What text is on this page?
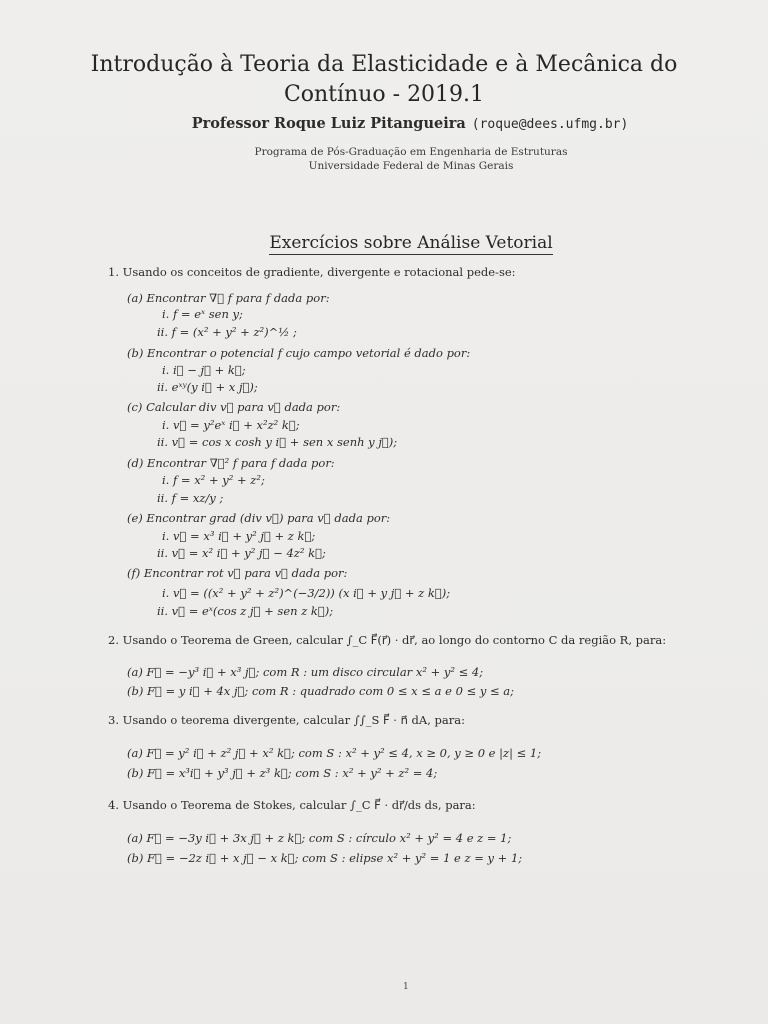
Introdução à Teoria da Elasticidade e à Mecânica do
Contínuo - 2019.1
Professor Roque Luiz Pitangueira (roque@dees.ufmg.br)
Programa de Pós-Graduação em Engenharia de Estruturas
Universidade Federal de Minas Gerais
Exercícios sobre Análise Vetorial
1. Usando os conceitos de gradiente, divergente e rotacional pede-se:
(a) Encontrar ∇⃗ f para f dada por:
i. f = eˣ sen y;
ii. f = (x² + y² + z²)^½ ;
(b) Encontrar o potencial f cujo campo vetorial é dado por:
i. i⃗ − j⃗ + k⃗;
ii. eˣʸ(y i⃗ + x j⃗);
(c) Calcular div v⃗ para v⃗ dada por:
i. v⃗ = y²eˣ i⃗ + x²z² k⃗;
ii. v⃗ = cos x cosh y i⃗ + sen x senh y j⃗);
(d) Encontrar ∇⃗² f para f dada por:
i. f = x² + y² + z²;
ii. f = xz/y ;
(e) Encontrar grad (div v⃗) para v⃗ dada por:
i. v⃗ = x³ i⃗ + y² j⃗ + z k⃗;
ii. v⃗ = x² i⃗ + y² j⃗ − 4z² k⃗;
(f) Encontrar rot v⃗ para v⃗ dada por:
i. v⃗ = ((x² + y² + z²)^(−3/2)) (x i⃗ + y j⃗ + z k⃗);
ii. v⃗ = eˣ(cos z j⃗ + sen z k⃗);
2. Usando o Teorema de Green, calcular ∫_C F⃗(r⃗) · dr⃗, ao longo do contorno C da região R, para:
(a) F⃗ = −y³ i⃗ + x³ j⃗; com R : um disco circular x² + y² ≤ 4;
(b) F⃗ = y i⃗ + 4x j⃗; com R : quadrado com 0 ≤ x ≤ a e 0 ≤ y ≤ a;
3. Usando o teorema divergente, calcular ∫∫_S F⃗ · n⃗ dA, para:
(a) F⃗ = y² i⃗ + z² j⃗ + x² k⃗; com S : x² + y² ≤ 4, x ≥ 0, y ≥ 0 e |z| ≤ 1;
(b) F⃗ = x³i⃗ + y³ j⃗ + z³ k⃗; com S : x² + y² + z² = 4;
4. Usando o Teorema de Stokes, calcular ∫_C F⃗ · dr⃗/ds ds, para:
(a) F⃗ = −3y i⃗ + 3x j⃗ + z k⃗; com S : círculo x² + y² = 4 e z = 1;
(b) F⃗ = −2z i⃗ + x j⃗ − x k⃗; com S : elipse x² + y² = 1 e z = y + 1;
1
